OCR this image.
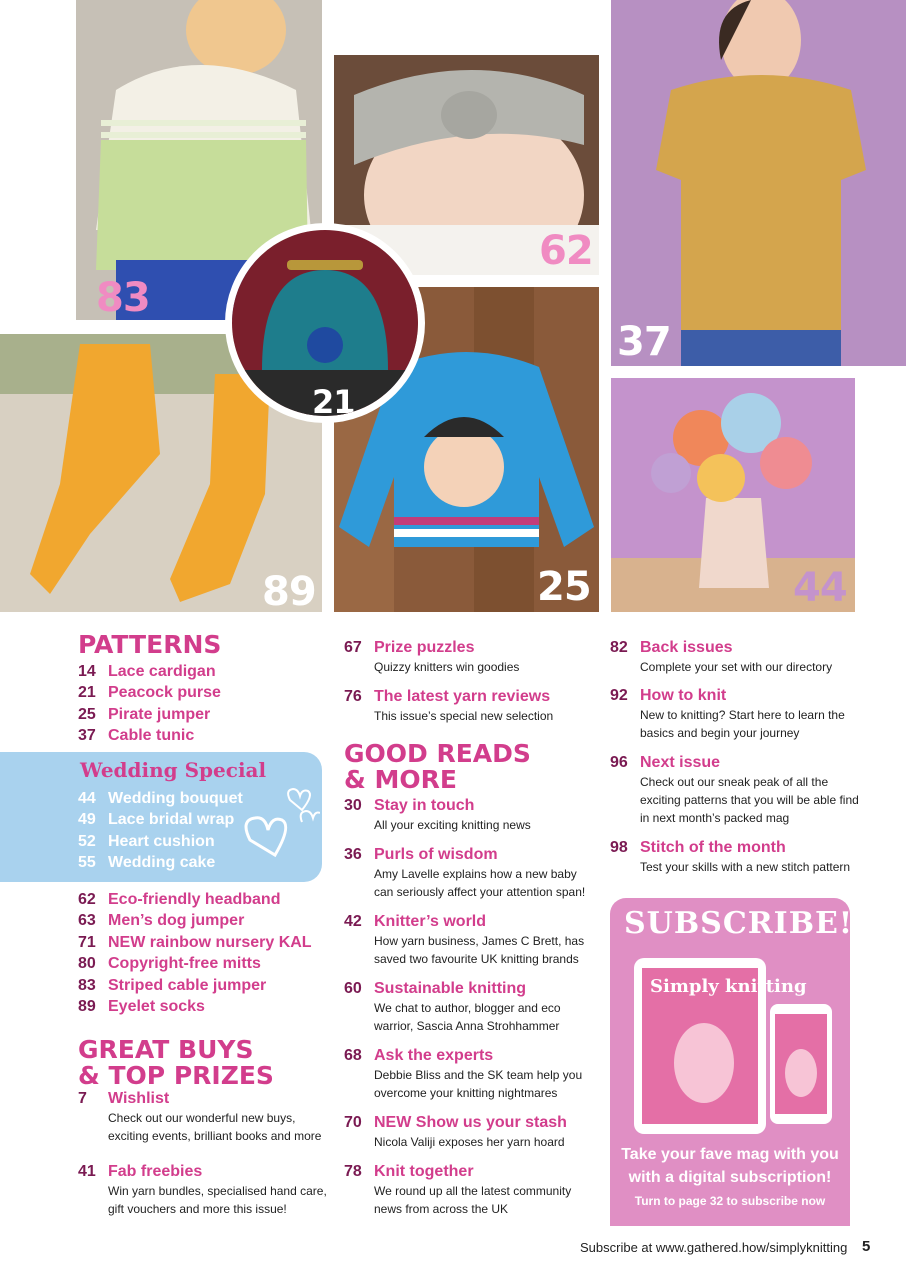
83
62
37
89	25	44
21
PATTERNS
14 Lace cardigan
21 Peacock purse
25 Pirate jumper
37 Cable tunic
Wedding Special
44 Wedding bouquet
49 Lace bridal wrap
52 Heart cushion
55 Wedding cake
62 Eco-friendly headband
63 Men’s dog jumper
71 NEW rainbow nursery KAL
80 Copyright-free mitts
83 Striped cable jumper
89 Eyelet socks
GREAT BUYS
& TOP PRIZES
7	Wishlist
Check out our wonderful new buys,
exciting events, brilliant books and more
41 Fab freebies
Win yarn bundles, specialised hand care,
gift vouchers and more this issue!
67 Prize puzzles
Quizzy knitters win goodies
76 The latest yarn reviews
This issue’s special new selection
GOOD READS
& MORE
30 Stay in touch
All your exciting knitting news
36 Purls of wisdom
Amy Lavelle explains how a new baby
can seriously affect your attention span!
42 Knitter’s world
How yarn business, James C Brett, has
saved two favourite UK knitting brands
60 Sustainable knitting
We chat to author, blogger and eco
warrior, Sascia Anna Strohhammer
68 Ask the experts
Debbie Bliss and the SK team help you
overcome your knitting nightmares
70 NEW Show us your stash
Nicola Valiji exposes her yarn hoard
78 Knit together
We round up all the latest community
news from across the UK
82 Back issues
Complete your set with our directory
92 How to knit
New to knitting? Start here to learn the
basics and begin your journey
96 Next issue
Check out our sneak peak of all the
exciting patterns that you will be able find
in next month’s packed mag
98 Stitch of the month
Test your skills with a new stitch pattern
SUBSCRIBE!
Simply knitting
Take your fave mag with you
with a digital subscription!
Turn to page 32 to subscribe now
Subscribe at www.gathered.how/simplyknitting 5
